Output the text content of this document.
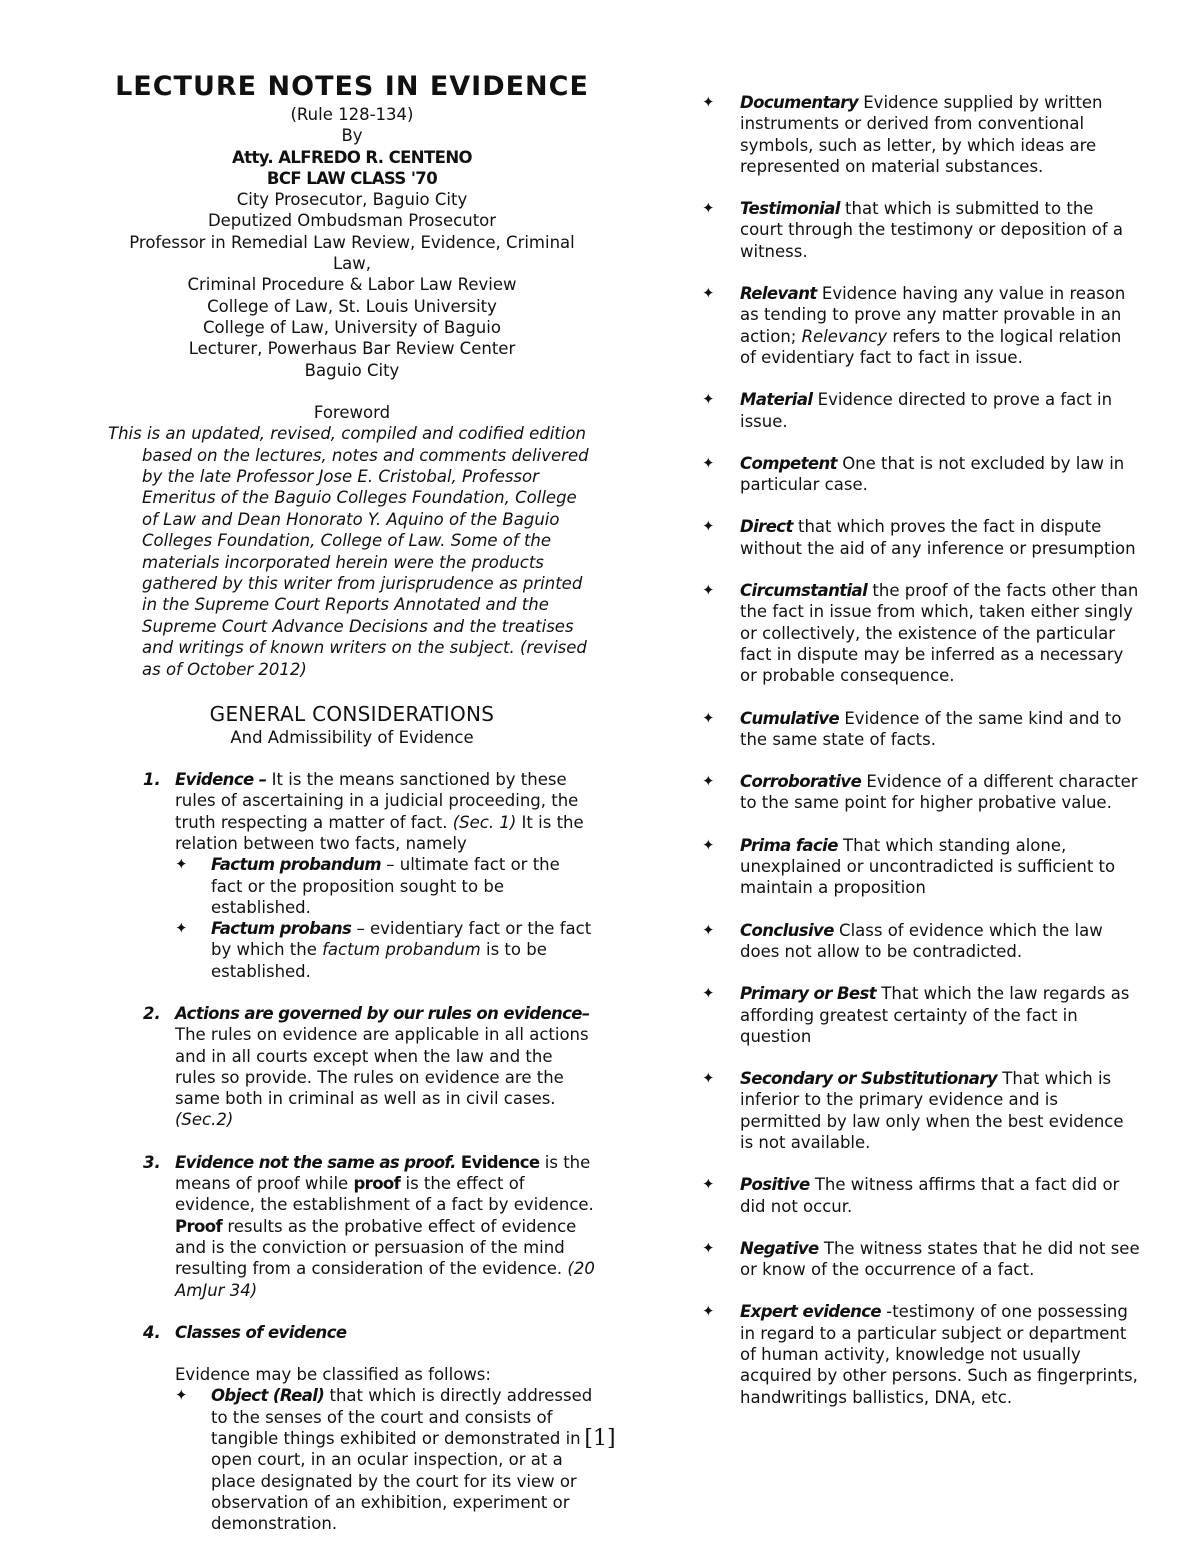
LECTURE NOTES IN EVIDENCE
(Rule 128-134)
By
Atty. ALFREDO R. CENTENO
BCF LAW CLASS '70
City Prosecutor, Baguio City
Deputized Ombudsman Prosecutor
Professor in Remedial Law Review, Evidence, Criminal Law,
Criminal Procedure & Labor Law Review
College of Law, St. Louis University
College of Law, University of Baguio
Lecturer, Powerhaus Bar Review Center
Baguio City
Foreword
This is an updated, revised, compiled and codified edition based on the lectures, notes and comments delivered by the late Professor Jose E. Cristobal, Professor Emeritus of the Baguio Colleges Foundation, College of Law and Dean Honorato Y. Aquino of the Baguio Colleges Foundation, College of Law. Some of the materials incorporated herein were the products gathered by this writer from jurisprudence as printed in the Supreme Court Reports Annotated and the Supreme Court Advance Decisions and the treatises and writings of known writers on the subject. (revised as of October 2012)
GENERAL CONSIDERATIONS
And Admissibility of Evidence
1. Evidence – It is the means sanctioned by these rules of ascertaining in a judicial proceeding, the truth respecting a matter of fact. (Sec. 1) It is the relation between two facts, namely
✦ Factum probandum – ultimate fact or the fact or the proposition sought to be established.
✦ Factum probans – evidentiary fact or the fact by which the factum probandum is to be established.
2. Actions are governed by our rules on evidence– The rules on evidence are applicable in all actions and in all courts except when the law and the rules so provide. The rules on evidence are the same both in criminal as well as in civil cases.(Sec.2)
3. Evidence not the same as proof. Evidence is the means of proof while proof is the effect of evidence, the establishment of a fact by evidence. Proof results as the probative effect of evidence and is the conviction or persuasion of the mind resulting from a consideration of the evidence. (20 AmJur 34)
4. Classes of evidence
Evidence may be classified as follows:
✦ Object (Real) that which is directly addressed to the senses of the court and consists of tangible things exhibited or demonstrated in open court, in an ocular inspection, or at a place designated by the court for its view or observation of an exhibition, experiment or demonstration.
✦ Documentary Evidence supplied by written instruments or derived from conventional symbols, such as letter, by which ideas are represented on material substances.
✦ Testimonial that which is submitted to the court through the testimony or deposition of a witness.
✦ Relevant Evidence having any value in reason as tending to prove any matter provable in an action; Relevancy refers to the logical relation of evidentiary fact to fact in issue.
✦ Material Evidence directed to prove a fact in issue.
✦ Competent One that is not excluded by law in particular case.
✦ Direct that which proves the fact in dispute without the aid of any inference or presumption
✦ Circumstantial the proof of the facts other than the fact in issue from which, taken either singly or collectively, the existence of the particular fact in dispute may be inferred as a necessary or probable consequence.
✦ Cumulative Evidence of the same kind and to the same state of facts.
✦ Corroborative Evidence of a different character to the same point for higher probative value.
✦ Prima facie That which standing alone, unexplained or uncontradicted is sufficient to maintain a proposition
✦ Conclusive Class of evidence which the law does not allow to be contradicted.
✦ Primary or Best That which the law regards as affording greatest certainty of the fact in question
✦ Secondary or Substitutionary That which is inferior to the primary evidence and is permitted by law only when the best evidence is not available.
✦ Positive The witness affirms that a fact did or did not occur.
✦ Negative The witness states that he did not see or know of the occurrence of a fact.
✦ Expert evidence -testimony of one possessing in regard to a particular subject or department of human activity, knowledge not usually acquired by other persons. Such as fingerprints, handwritings ballistics, DNA, etc.
[1]
